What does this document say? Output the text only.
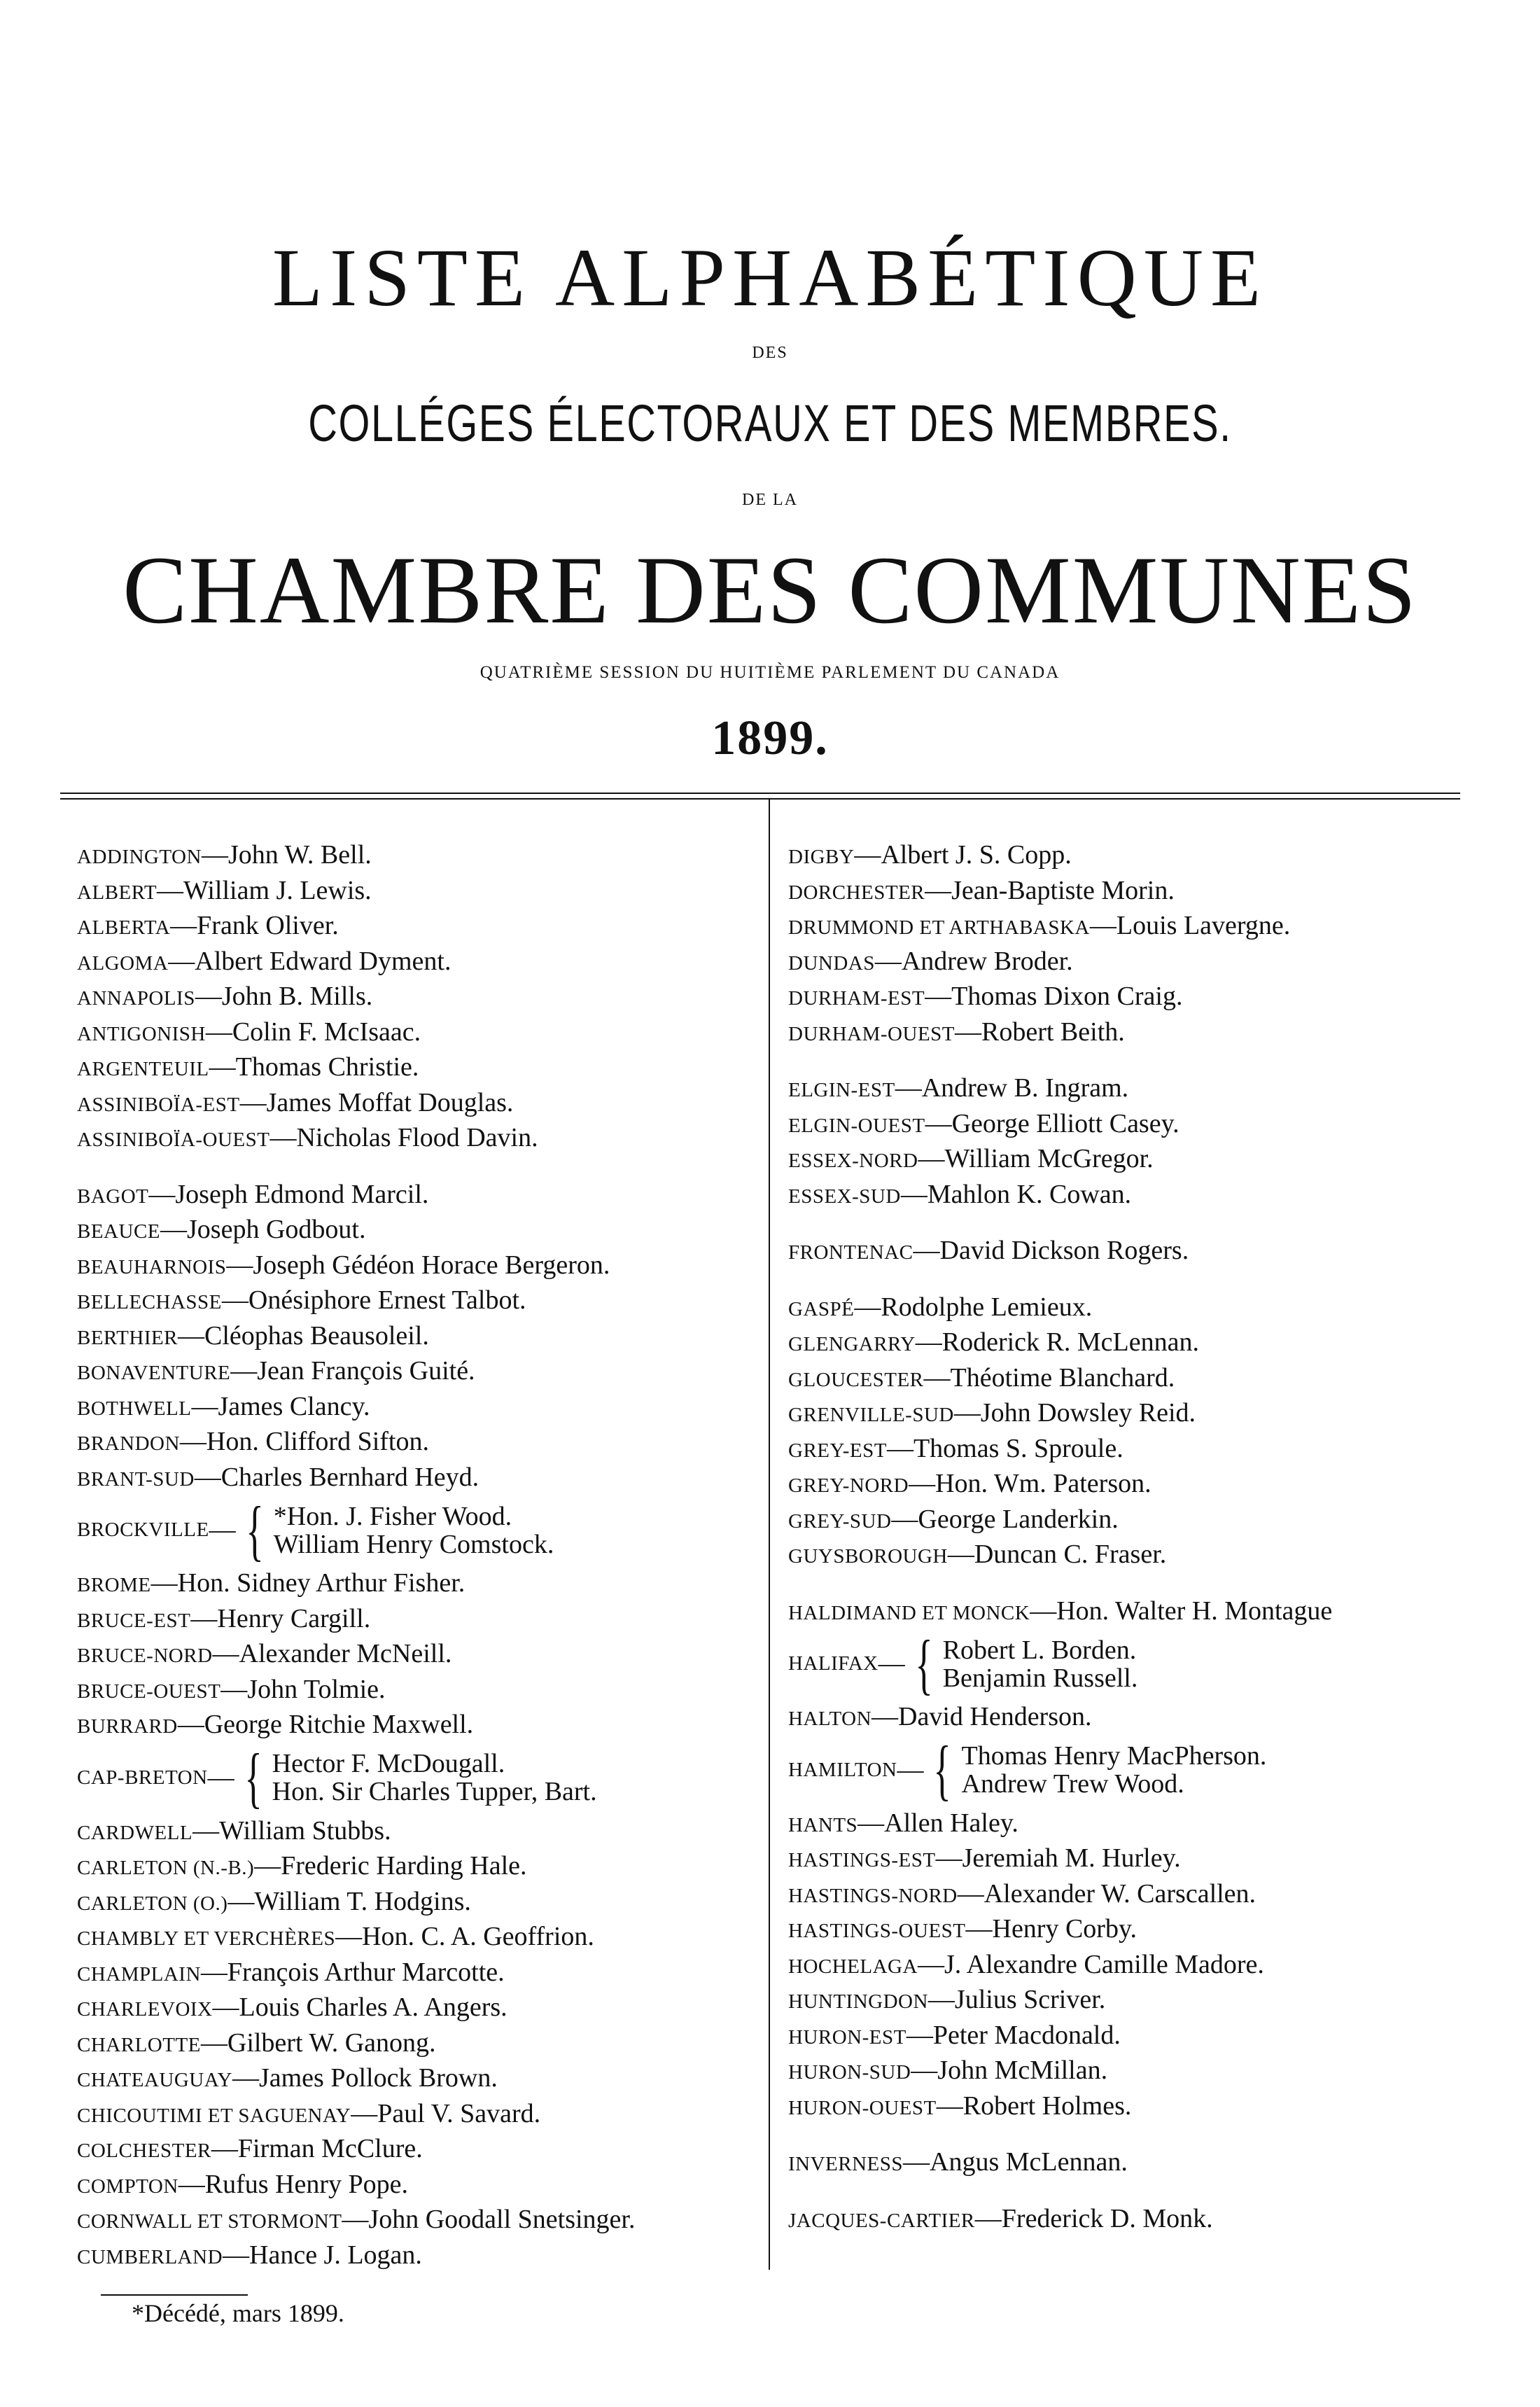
LISTE ALPHABÉTIQUE
DES
COLLÉGES ÉLECTORAUX ET DES MEMBRES.
DE LA
CHAMBRE DES COMMUNES
QUATRIÈME SESSION DU HUITIÈME PARLEMENT DU CANADA
1899.
ADDINGTON—John W. Bell.
ALBERT—William J. Lewis.
ALBERTA—Frank Oliver.
ALGOMA—Albert Edward Dyment.
ANNAPOLIS—John B. Mills.
ANTIGONISH—Colin F. McIsaac.
ARGENTEUIL—Thomas Christie.
ASSINIBOÏA-EST—James Moffat Douglas.
ASSINIBOÏA-OUEST—Nicholas Flood Davin.
BAGOT—Joseph Edmond Marcil.
BEAUCE—Joseph Godbout.
BEAUHARNOIS—Joseph Gédéon Horace Bergeron.
BELLECHASSE—Onésiphore Ernest Talbot.
BERTHIER—Cléophas Beausoleil.
BONAVENTURE—Jean François Guité.
BOTHWELL—James Clancy.
BRANDON—Hon. Clifford Sifton.
BRANT-SUD—Charles Bernhard Heyd.
BROCKVILLE — { *Hon. J. Fisher Wood.
William Henry Comstock.
BROME—Hon. Sidney Arthur Fisher.
BRUCE-EST—Henry Cargill.
BRUCE-NORD—Alexander McNeill.
BRUCE-OUEST—John Tolmie.
BURRARD—George Ritchie Maxwell.
CAP-BRETON — { Hector F. McDougall.
Hon. Sir Charles Tupper, Bart.
CARDWELL—William Stubbs.
CARLETON (N.-B.)—Frederic Harding Hale.
CARLETON (O.)—William T. Hodgins.
CHAMBLY ET VERCHÈRES—Hon. C. A. Geoffrion.
CHAMPLAIN—François Arthur Marcotte.
CHARLEVOIX—Louis Charles A. Angers.
CHARLOTTE—Gilbert W. Ganong.
CHATEAUGUAY—James Pollock Brown.
CHICOUTIMI ET SAGUENAY—Paul V. Savard.
COLCHESTER—Firman McClure.
COMPTON—Rufus Henry Pope.
CORNWALL ET STORMONT—John Goodall Snetsinger.
CUMBERLAND—Hance J. Logan.
DIGBY—Albert J. S. Copp.
DORCHESTER—Jean-Baptiste Morin.
DRUMMOND ET ARTHABASKA—Louis Lavergne.
DUNDAS—Andrew Broder.
DURHAM-EST—Thomas Dixon Craig.
DURHAM-OUEST—Robert Beith.
ELGIN-EST—Andrew B. Ingram.
ELGIN-OUEST—George Elliott Casey.
ESSEX-NORD—William McGregor.
ESSEX-SUD—Mahlon K. Cowan.
FRONTENAC—David Dickson Rogers.
GASPÉ—Rodolphe Lemieux.
GLENGARRY—Roderick R. McLennan.
GLOUCESTER—Théotime Blanchard.
GRENVILLE-SUD—John Dowsley Reid.
GREY-EST—Thomas S. Sproule.
GREY-NORD—Hon. Wm. Paterson.
GREY-SUD—George Landerkin.
GUYSBOROUGH—Duncan C. Fraser.
HALDIMAND ET MONCK—Hon. Walter H. Montague
HALIFAX — { Robert L. Borden.
Benjamin Russell.
HALTON—David Henderson.
HAMILTON — { Thomas Henry MacPherson.
Andrew Trew Wood.
HANTS—Allen Haley.
HASTINGS-EST—Jeremiah M. Hurley.
HASTINGS-NORD—Alexander W. Carscallen.
HASTINGS-OUEST—Henry Corby.
HOCHELAGA—J. Alexandre Camille Madore.
HUNTINGDON—Julius Scriver.
HURON-EST—Peter Macdonald.
HURON-SUD—John McMillan.
HURON-OUEST—Robert Holmes.
INVERNESS—Angus McLennan.
JACQUES-CARTIER—Frederick D. Monk.
*Décédé, mars 1899.
